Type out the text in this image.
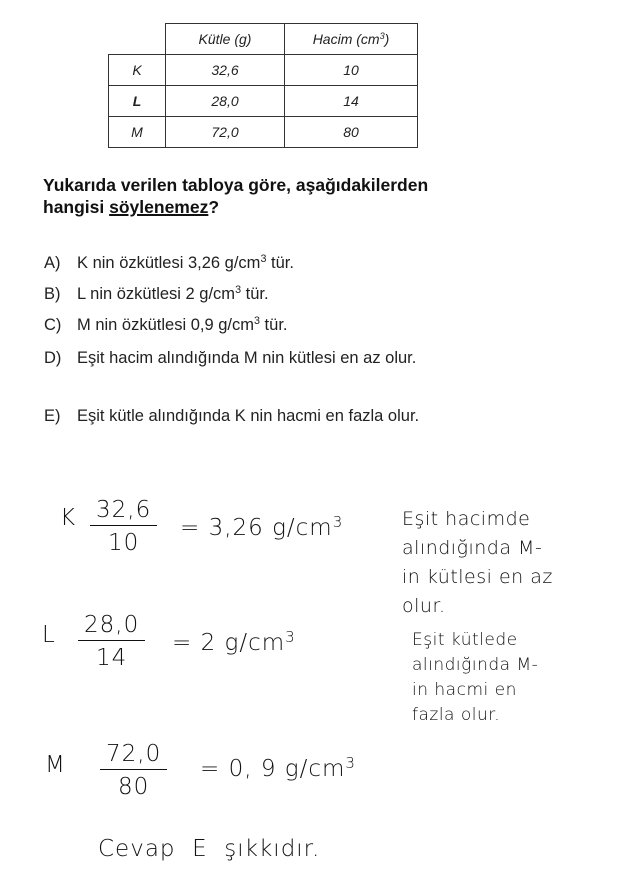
	Kütle (g)	Hacim $(cm^3)$
K	32,6	10
L	28,0	14
M	72,0	80
Yukarıda verilen tabloya göre, aşağıdakilerden
hangisi söylenemez?
A)	K nin özkütlesi 3,26 $g/cm^3$ tür.
B)	L nin özkütlesi 2 $g/cm^3$ tür.
C) M nin özkütlesi 0,9 $g/cm^3$ tür.
D) Eşit hacim alındığında M nin kütlesi en az olur.
E)	Eşit kütle alındığında K nin hacmi en fazla olur.
K 32,6
10
= 3,26 $g/cm^3$
L 28,0
14
= 2 $g/cm^3$
M 72,0
80
= 0, 9 $g/cm^3$
Eşit hacimde
alındığında M-
in kütlesi en az
olur.
Eşit kütlede
alındığında M-
in hacmi en
fazla olur.
Cevap  E  şıkkıdır.
